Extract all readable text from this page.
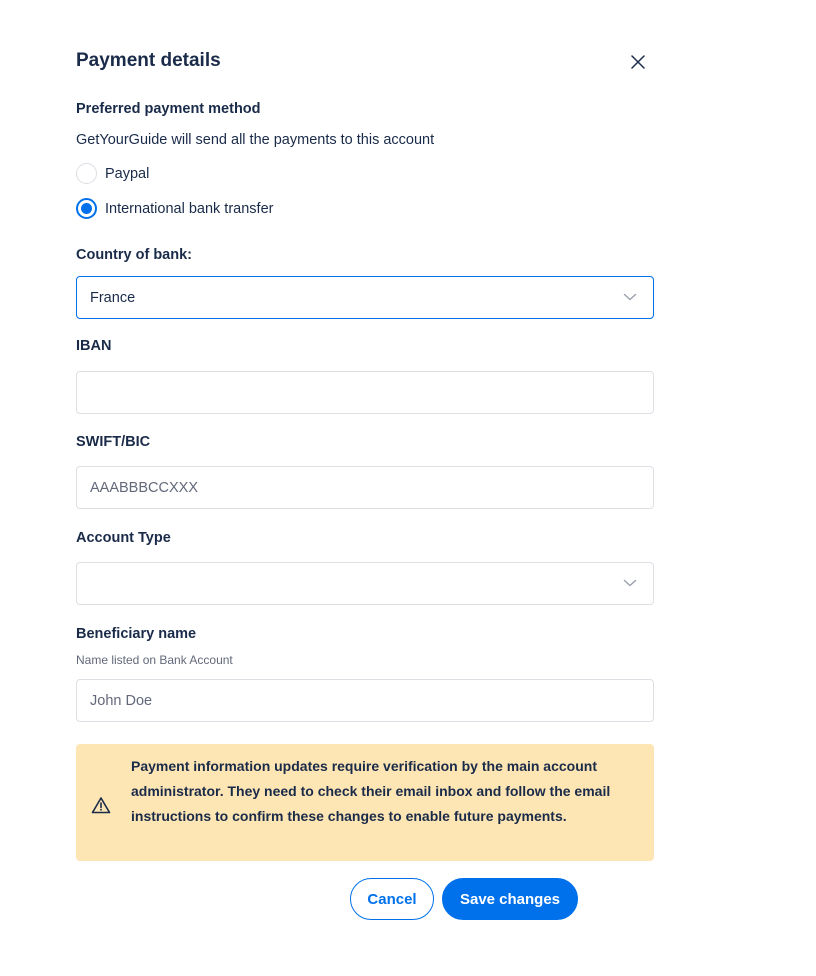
Payment details
Preferred payment method
GetYourGuide will send all the payments to this account
Paypal
International bank transfer
Country of bank:
France
IBAN
SWIFT/BIC
AAABBBCCXXX
Account Type
Beneficiary name
Name listed on Bank Account
John Doe
Payment information updates require verification by the main account administrator. They need to check their email inbox and follow the email instructions to confirm these changes to enable future payments.
Cancel	Save changes
